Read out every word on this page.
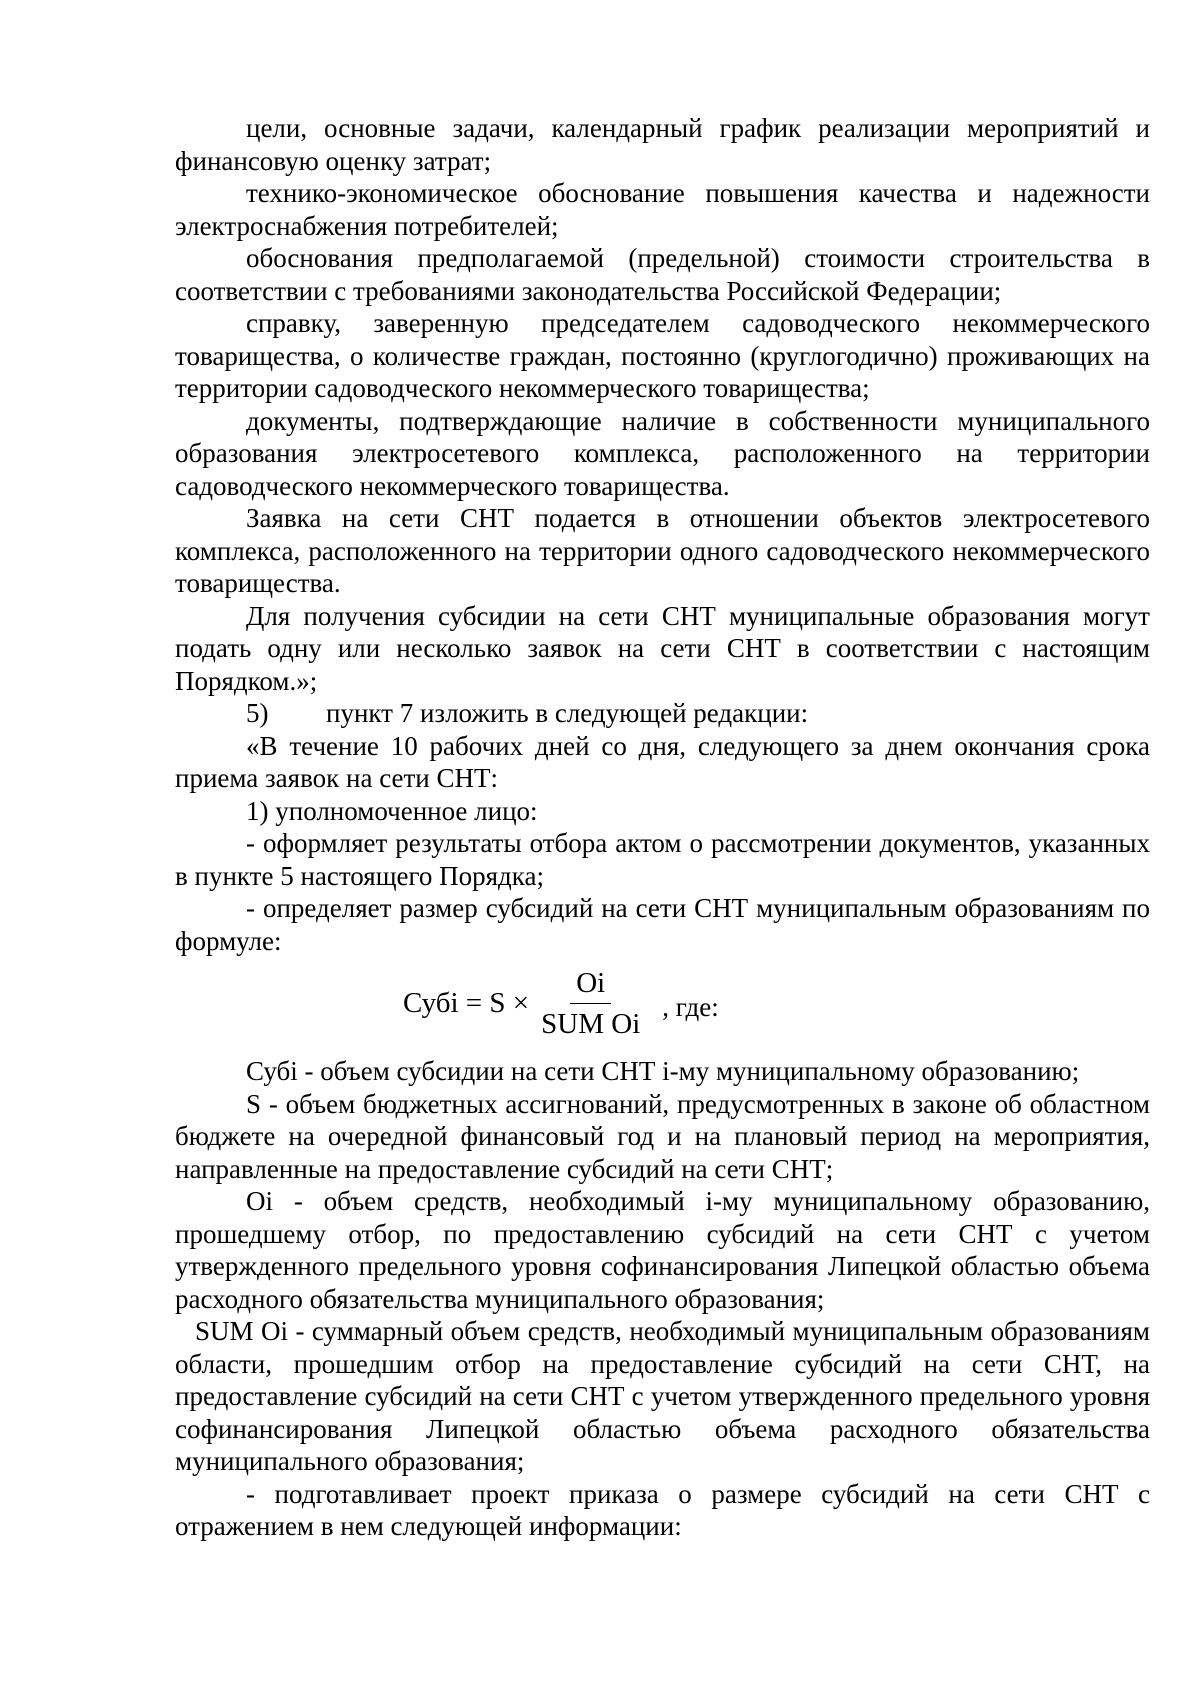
цели, основные задачи, календарный график реализации мероприятий и финансовую оценку затрат;

технико-экономическое обоснование повышения качества и надежности электроснабжения потребителей;

обоснования предполагаемой (предельной) стоимости строительства в соответствии с требованиями законодательства Российской Федерации;

справку, заверенную председателем садоводческого некоммерческого товарищества, о количестве граждан, постоянно (круглогодично) проживающих на территории садоводческого некоммерческого товарищества;

документы, подтверждающие наличие в собственности муниципального образования электросетевого комплекса, расположенного на территории садоводческого некоммерческого товарищества.

Заявка на сети СНТ подается в отношении объектов электросетевого комплекса, расположенного на территории одного садоводческого некоммерческого товарищества.

Для получения субсидии на сети СНТ муниципальные образования могут подать одну или несколько заявок на сети СНТ в соответствии с настоящим Порядком.»;

5) пункт 7 изложить в следующей редакции:

«В течение 10 рабочих дней со дня, следующего за днем окончания срока приема заявок на сети СНТ:

1) уполномоченное лицо:

- оформляет результаты отбора актом о рассмотрении документов, указанных в пункте 5 настоящего Порядка;

- определяет размер субсидий на сети СНТ муниципальным образованиям по формуле:

Субi = $S \times \frac{Oi}{\text{SUM Oi}}$ , где:

Субi - объем субсидии на сети СНТ i-му муниципальному образованию;

S - объем бюджетных ассигнований, предусмотренных в законе об областном бюджете на очередной финансовый год и на плановый период на мероприятия, направленные на предоставление субсидий на сети СНТ;

Oi - объем средств, необходимый i-му муниципальному образованию, прошедшему отбор, по предоставлению субсидий на сети СНТ с учетом утвержденного предельного уровня софинансирования Липецкой областью объема расходного обязательства муниципального образования;

SUM Oi - суммарный объем средств, необходимый муниципальным образованиям области, прошедшим отбор на предоставление субсидий на сети СНТ, на предоставление субсидий на сети СНТ с учетом утвержденного предельного уровня софинансирования Липецкой областью объема расходного обязательства муниципального образования;

- подготавливает проект приказа о размере субсидий на сети СНТ с отражением в нем следующей информации:
